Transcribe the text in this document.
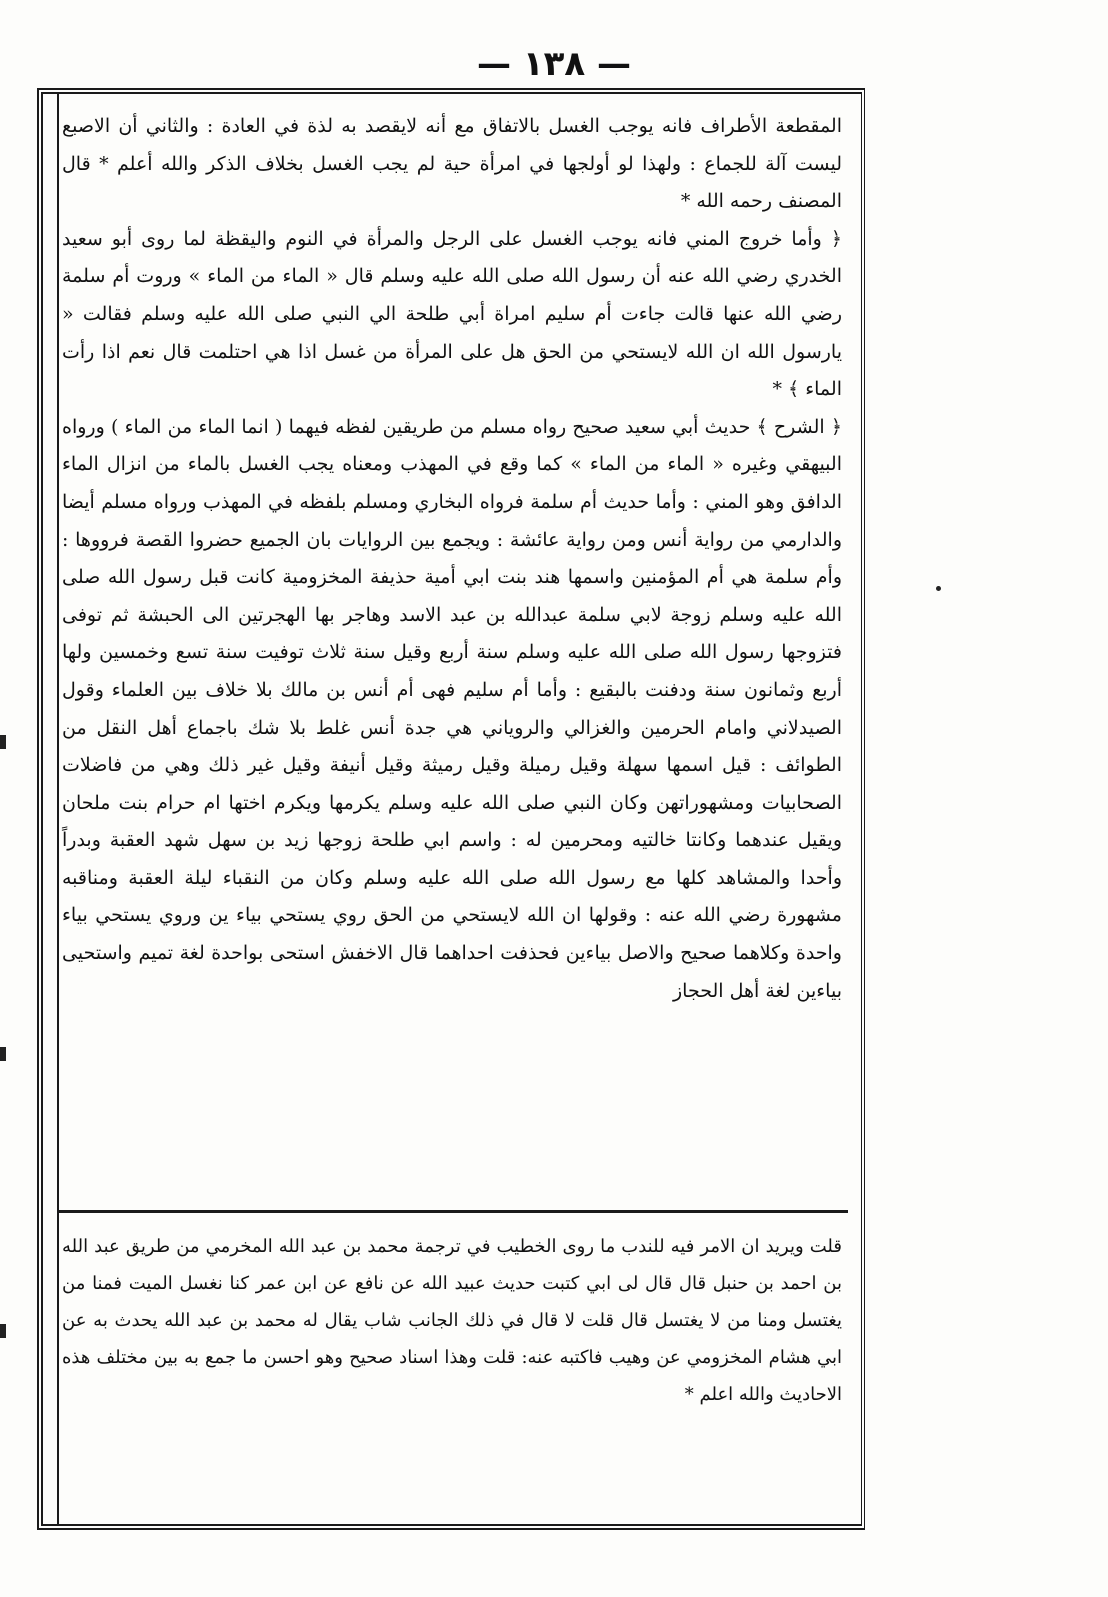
— ١٣٨ —

المقطعة الأطراف فانه يوجب الغسل بالاتفاق مع أنه لايقصد به لذة في العادة : والثاني أن الاصبع ليست آلة للجماع : ولهذا لو أولجها في امرأة حية لم يجب الغسل بخلاف الذكر والله أعلم * قال المصنف رحمه الله *

﴿ وأما خروج المني فانه يوجب الغسل على الرجل والمرأة في النوم واليقظة لما روى أبو سعيد الخدري رضي الله عنه أن رسول الله صلى الله عليه وسلم قال « الماء من الماء » وروت أم سلمة رضي الله عنها قالت جاءت أم سليم امراة أبي طلحة الي النبي صلى الله عليه وسلم فقالت « يارسول الله ان الله لايستحي من الحق هل على المرأة من غسل اذا هي احتلمت قال نعم اذا رأت الماء ﴾ *

﴿ الشرح ﴾ حديث أبي سعيد صحيح رواه مسلم من طريقين لفظه فيهما ( انما الماء من الماء ) ورواه البيهقي وغيره « الماء من الماء » كما وقع في المهذب ومعناه يجب الغسل بالماء من انزال الماء الدافق وهو المني : وأما حديث أم سلمة فرواه البخاري ومسلم بلفظه في المهذب ورواه مسلم أيضا والدارمي من رواية أنس ومن رواية عائشة : ويجمع بين الروايات بان الجميع حضروا القصة فرووها : وأم سلمة هي أم المؤمنين واسمها هند بنت ابي أمية حذيفة المخزومية كانت قبل رسول الله صلى الله عليه وسلم زوجة لابي سلمة عبدالله بن عبد الاسد وهاجر بها الهجرتين الى الحبشة ثم توفى فتزوجها رسول الله صلى الله عليه وسلم سنة أربع وقيل سنة ثلاث توفيت سنة تسع وخمسين ولها أربع وثمانون سنة ودفنت بالبقيع : وأما أم سليم فهى أم أنس بن مالك بلا خلاف بين العلماء وقول الصيدلاني وامام الحرمين والغزالي والروياني هي جدة أنس غلط بلا شك باجماع أهل النقل من الطوائف : قيل اسمها سهلة وقيل رميلة وقيل رميثة وقيل أنيفة وقيل غير ذلك وهي من فاضلات الصحابيات ومشهوراتهن وكان النبي صلى الله عليه وسلم يكرمها ويكرم اختها ام حرام بنت ملحان ويقيل عندهما وكانتا خالتيه ومحرمين له : واسم ابي طلحة زوجها زيد بن سهل شهد العقبة وبدراً وأحدا والمشاهد كلها مع رسول الله صلى الله عليه وسلم وكان من النقباء ليلة العقبة ومناقبه مشهورة رضي الله عنه : وقولها ان الله لايستحي من الحق روي يستحي بياء ين وروي يستحي بياء واحدة وكلاهما صحيح والاصل بياءين فحذفت احداهما قال الاخفش استحى بواحدة لغة تميم واستحيى بياءين لغة أهل الحجاز

قلت ويريد ان الامر فيه للندب ما روى الخطيب في ترجمة محمد بن عبد الله المخرمي من طريق عبد الله بن احمد بن حنبل قال قال لى ابي كتبت حديث عبيد الله عن نافع عن ابن عمر كنا نغسل الميت فمنا من يغتسل ومنا من لا يغتسل قال قلت لا قال في ذلك الجانب شاب يقال له محمد بن عبد الله يحدث به عن ابي هشام المخزومي عن وهيب فاكتبه عنه: قلت وهذا اسناد صحيح وهو احسن ما جمع به بين مختلف هذه الاحاديث والله اعلم *
